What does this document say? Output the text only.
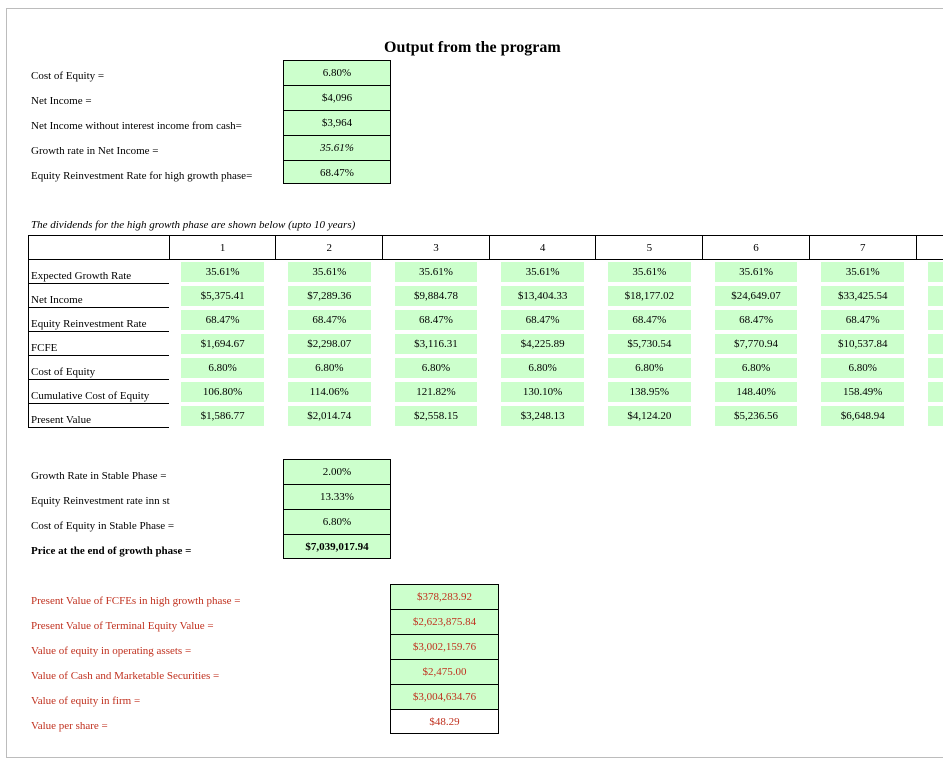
Output from the program
Cost of Equity =	6.80%
Net Income =	$4,096
Net Income without interest income from cash=	$3,964
Growth rate in Net Income =	35.61%
Equity Reinvestment Rate for high growth phase=	68.47%
The dividends for the high growth phase are shown below (upto 10 years)
	1	2	3	4	5	6	7	
Expected Growth Rate	35.61%	35.61%	35.61%	35.61%	35.61%	35.61%	35.61%	

Net Income	$5,375.41	$7,289.36	$9,884.78	$13,404.33	$18,177.02	$24,649.07	$33,425.54	

Equity Reinvestment Rate	68.47%	68.47%	68.47%	68.47%	68.47%	68.47%	68.47%	

FCFE	$1,694.67	$2,298.07	$3,116.31	$4,225.89	$5,730.54	$7,770.94	$10,537.84	

Cost of Equity	6.80%	6.80%	6.80%	6.80%	6.80%	6.80%	6.80%	

Cumulative Cost of Equity	106.80%	114.06%	121.82%	130.10%	138.95%	148.40%	158.49%	

Present Value	$1,586.77	$2,014.74	$2,558.15	$3,248.13	$4,124.20	$5,236.56	$6,648.94	

Growth Rate in Stable Phase =	2.00%
Equity Reinvestment rate inn st	13.33%
Cost of Equity in Stable Phase =	6.80%
Price at the end of growth phase =	$7,039,017.94
Present Value of FCFEs in high growth phase =	$378,283.92
Present Value of Terminal Equity Value =	$2,623,875.84
Value of equity in operating assets =	$3,002,159.76
Value of Cash and Marketable Securities =	$2,475.00
Value of equity in firm =	$3,004,634.76
Value per share =	$48.29
